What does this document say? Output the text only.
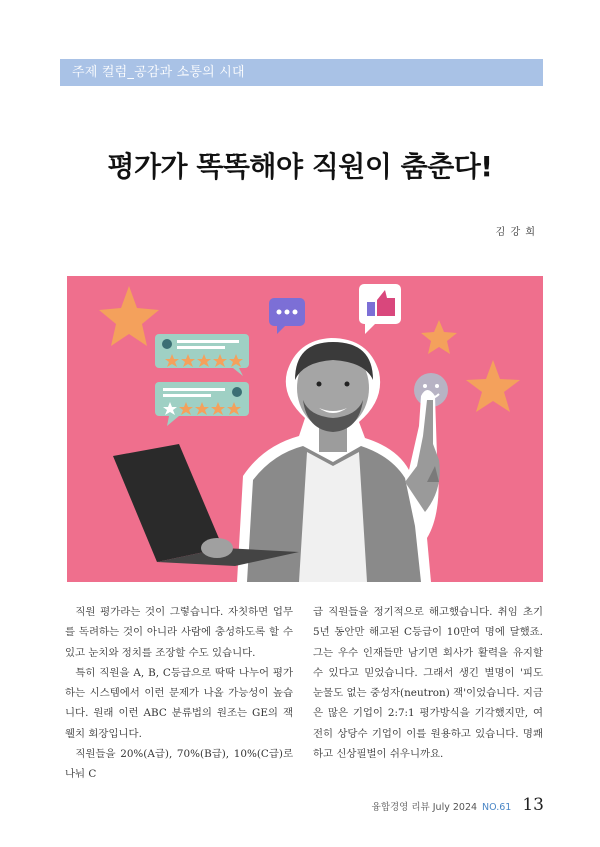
주제 컬럼_공감과 소통의 시대
평가가 똑똑해야 직원이 춤춘다!
김 강 희

직원 평가라는 것이 그렇습니다. 자칫하면 업무를 독려하는 것이 아니라 사람에 충성하도록 할 수 있고 눈치와 정치를 조장할 수도 있습니다.

특히 직원을 A, B, C등급으로 딱딱 나누어 평가하는 시스템에서 이런 문제가 나올 가능성이 높습니다. 원래 이런 ABC 분류법의 원조는 GE의 잭 웰치 회장입니다.

직원들을 20%(A급), 70%(B급), 10%(C급)로 나눠 C

급 직원들을 정기적으로 해고했습니다. 취임 초기 5년 동안만 해고된 C등급이 10만여 명에 달했죠. 그는 우수 인재들만 남기면 회사가 활력을 유지할 수 있다고 믿었습니다. 그래서 생긴 별명이 '피도 눈물도 없는 중성자(neutron) 잭'이었습니다. 지금은 많은 기업이 2:7:1 평가방식을 기각했지만, 여전히 상당수 기업이 이를 원용하고 있습니다. 명쾌하고 신상필벌이 쉬우니까요.

융합경영 리뷰 July 2024 NO.61 13
